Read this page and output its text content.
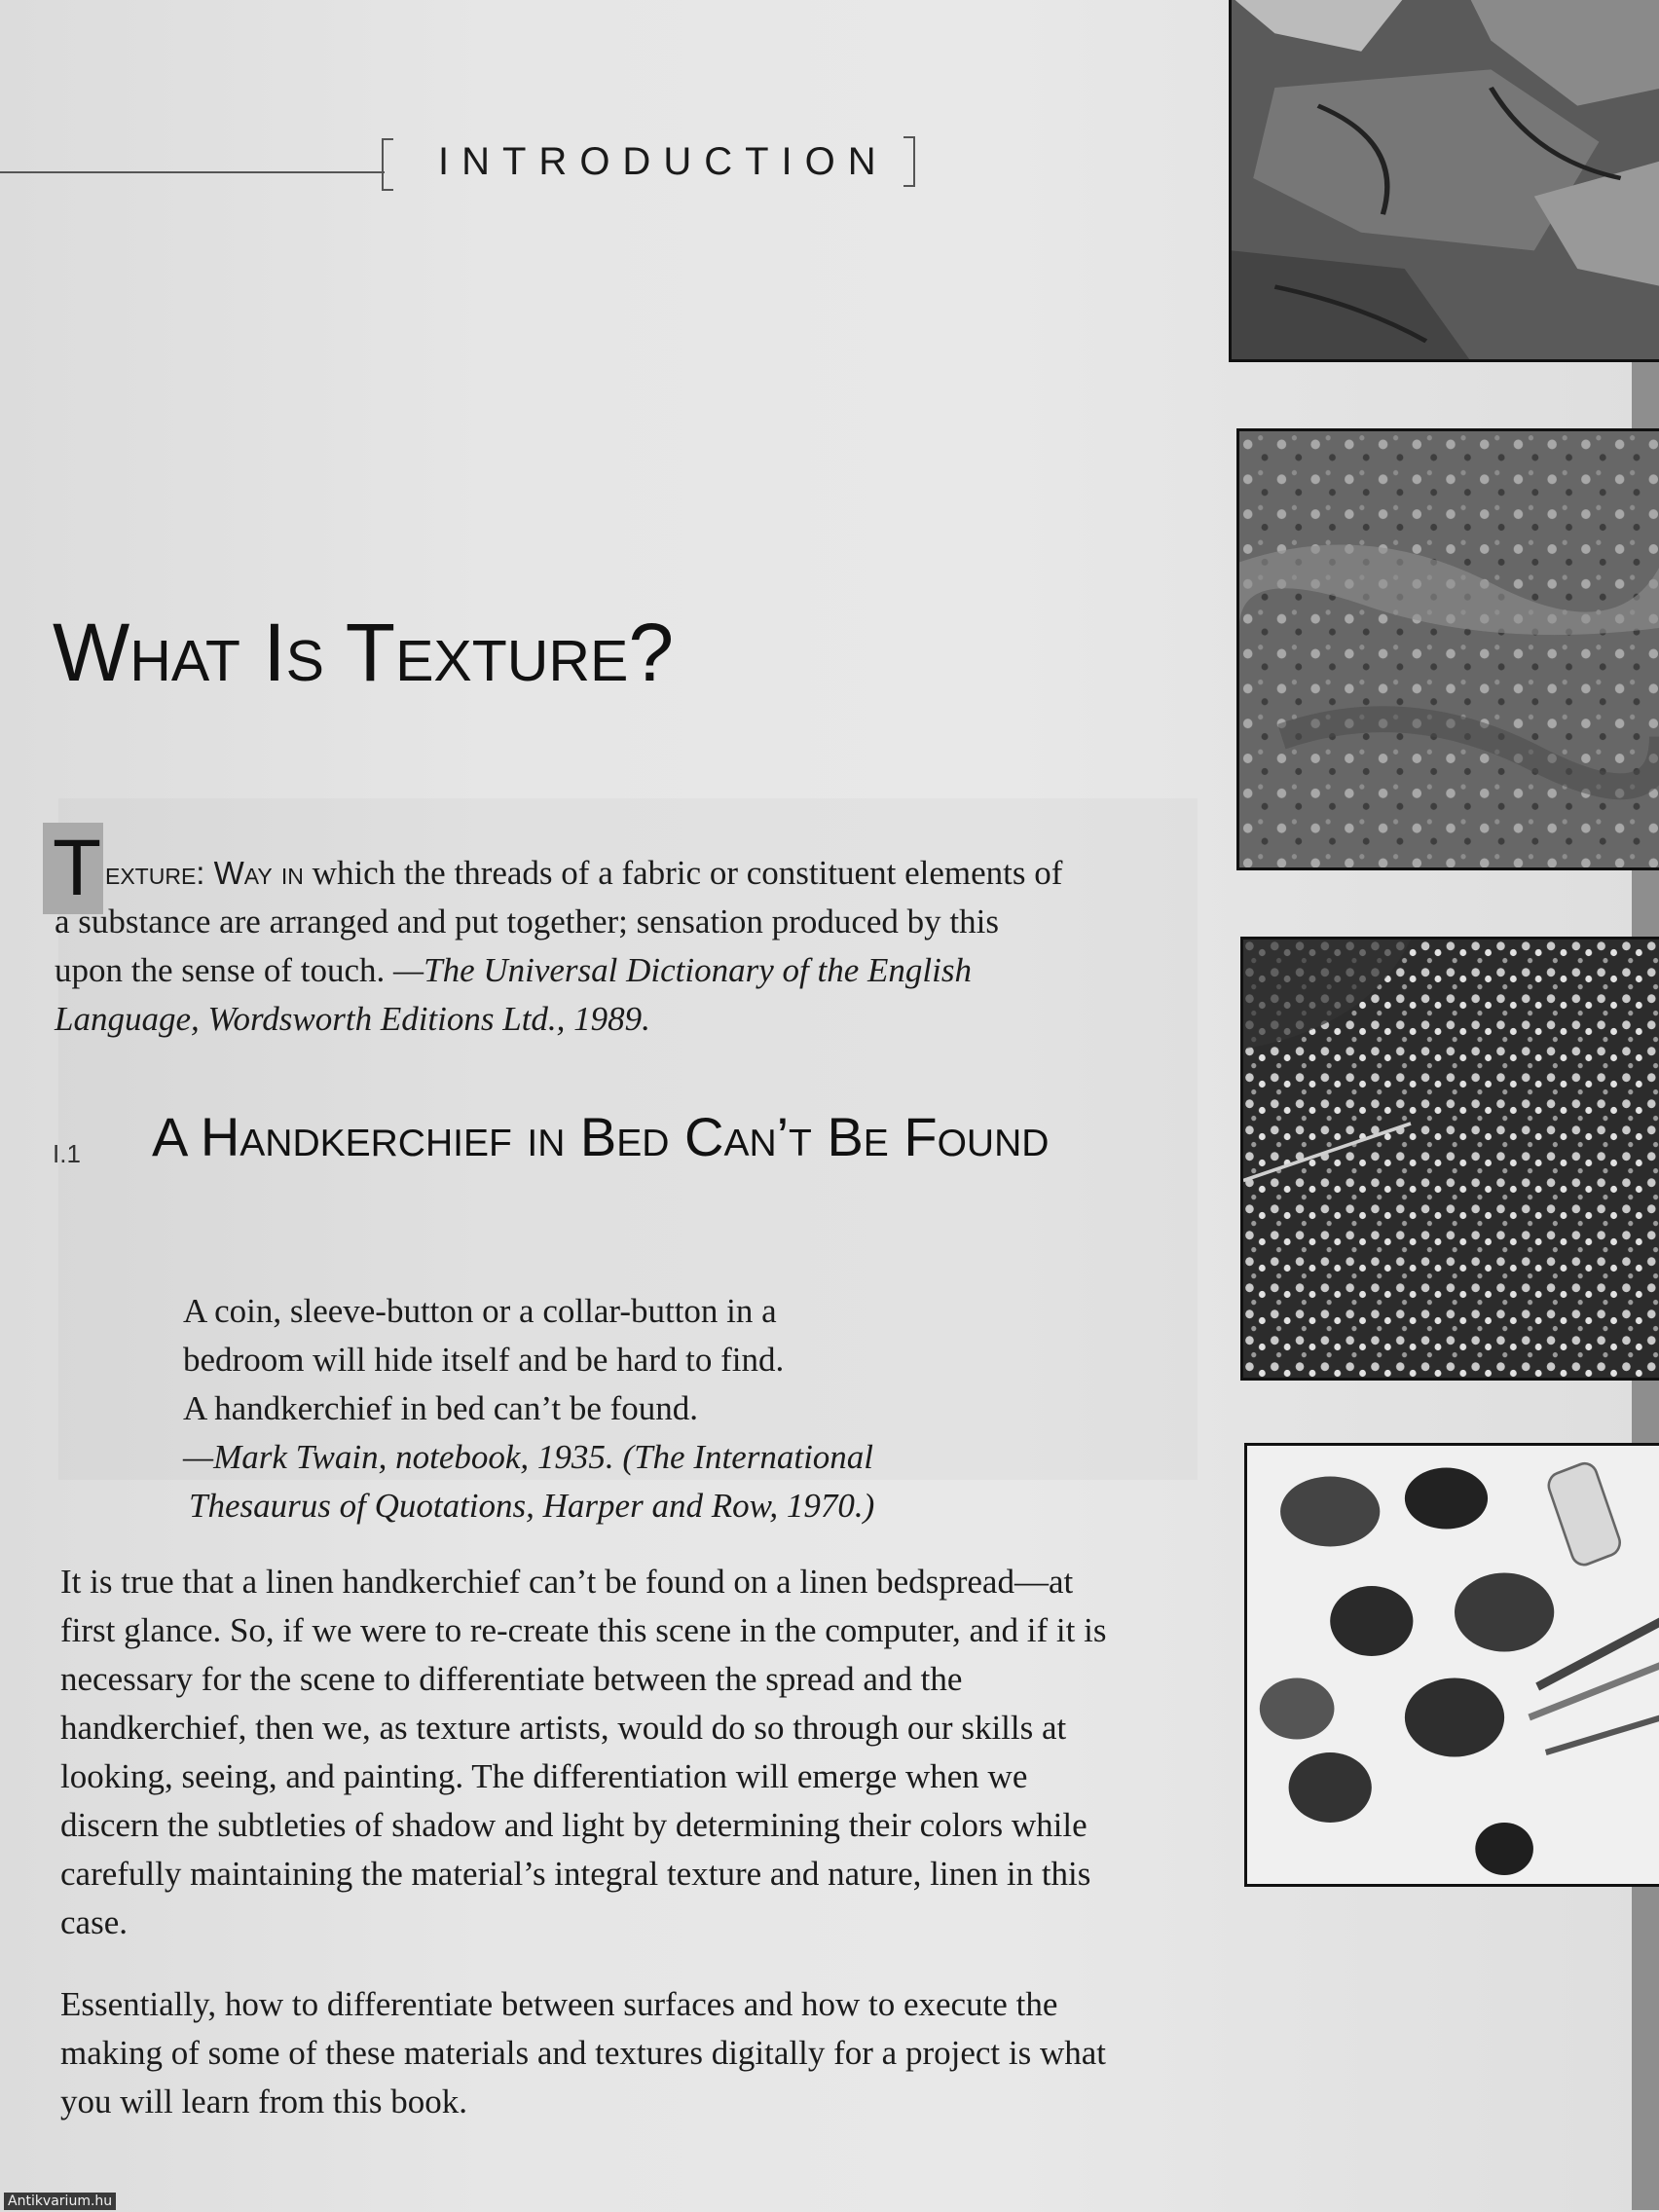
INTRODUCTION
What Is Texture?
T exture: Way in which the threads of a fabric or constituent elements of a substance are arranged and put together; sensation produced by this upon the sense of touch. —The Universal Dictionary of the English Language, Wordsworth Editions Ltd., 1989.
I.1 A Handkerchief in Bed Can’t Be Found
A coin, sleeve-button or a collar-button in a
bedroom will hide itself and be hard to find.
A handkerchief in bed can’t be found.
—Mark Twain, notebook, 1935. (The International
Thesaurus of Quotations, Harper and Row, 1970.)

It is true that a linen handkerchief can’t be found on a linen bedspread—at first glance. So, if we were to re-create this scene in the computer, and if it is necessary for the scene to differentiate between the spread and the handkerchief, then we, as texture artists, would do so through our skills at looking, seeing, and painting. The differentiation will emerge when we discern the subtleties of shadow and light by determining their colors while carefully maintaining the material’s integral texture and nature, linen in this case.

Essentially, how to differentiate between surfaces and how to execute the making of some of these materials and textures digitally for a project is what you will learn from this book.

Antikvarium.hu
